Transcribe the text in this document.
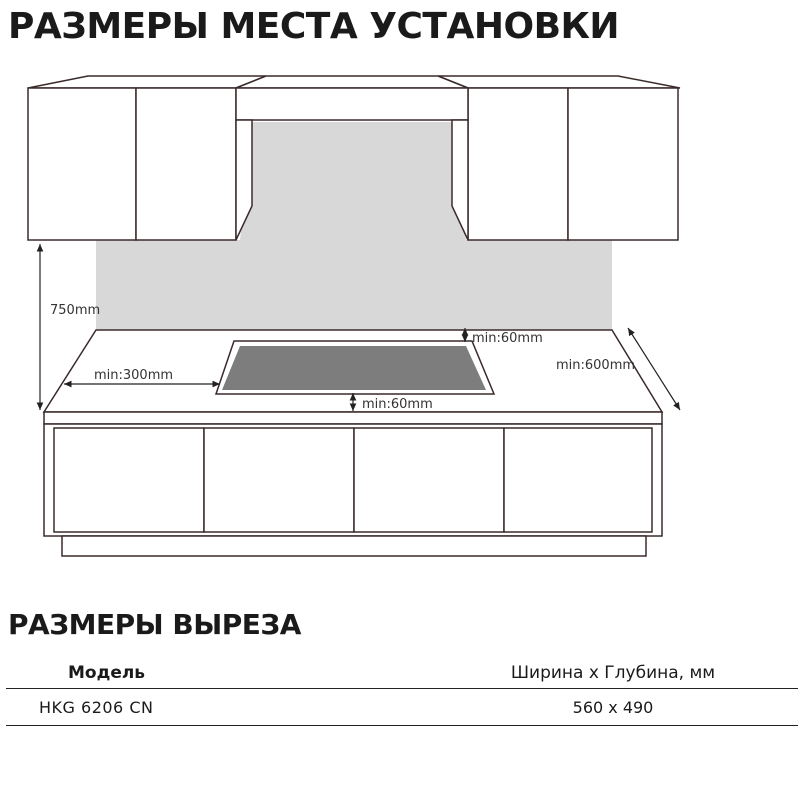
РАЗМЕРЫ МЕСТА УСТАНОВКИ
750mm
min:300mm
min:60mm
min:60mm
min:600mm
РАЗМЕРЫ ВЫРЕЗА
Модель	Ширина х Глубина, мм
HKG 6206 CN	560 x 490
